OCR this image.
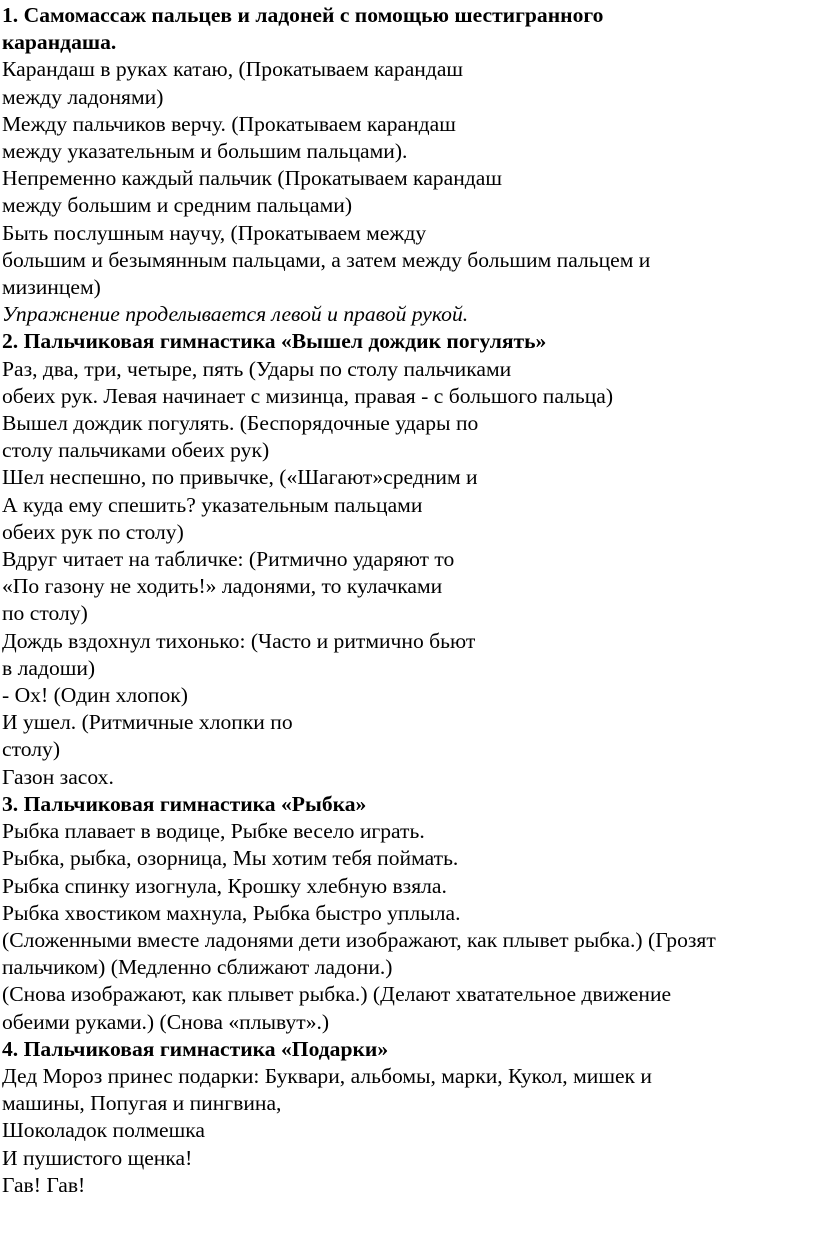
1. Самомассаж пальцев и ладоней с помощью шестигранного
карандаша.
Карандаш в руках катаю, (Прокатываем карандаш
между ладонями)
Между пальчиков верчу. (Прокатываем карандаш
между указательным и большим пальцами).
Непременно каждый пальчик (Прокатываем карандаш
между большим и средним пальцами)
Быть послушным научу, (Прокатываем между
большим и безымянным пальцами, а затем между большим пальцем и
мизинцем)
Упражнение проделывается левой и правой рукой.
2. Пальчиковая гимнастика «Вышел дождик погулять»
Раз, два, три, четыре, пять (Удары по столу пальчиками
обеих рук. Левая начинает с мизинца, правая - с большого пальца)
Вышел дождик погулять. (Беспорядочные удары по
столу пальчиками обеих рук)
Шел неспешно, по привычке, («Шагают»средним и
А куда ему спешить? указательным пальцами
обеих рук по столу)
Вдруг читает на табличке: (Ритмично ударяют то
«По газону не ходить!» ладонями, то кулачками
по столу)
Дождь вздохнул тихонько: (Часто и ритмично бьют
в ладоши)
- Ох! (Один хлопок)
И ушел. (Ритмичные хлопки по
столу)
Газон засох.
3. Пальчиковая гимнастика «Рыбка»
Рыбка плавает в водице, Рыбке весело играть.
Рыбка, рыбка, озорница, Мы хотим тебя поймать.
Рыбка спинку изогнула, Крошку хлебную взяла.
Рыбка хвостиком махнула, Рыбка быстро уплыла.
(Сложенными вместе ладонями дети изображают, как плывет рыбка.) (Грозят
пальчиком) (Медленно сближают ладони.)
(Снова изображают, как плывет рыбка.) (Делают хватательное движение
обеими руками.) (Снова «плывут».)
4. Пальчиковая гимнастика «Подарки»
Дед Мороз принес подарки: Буквари, альбомы, марки, Кукол, мишек и
машины, Попугая и пингвина,
Шоколадок полмешка
И пушистого щенка!
Гав! Гав!
